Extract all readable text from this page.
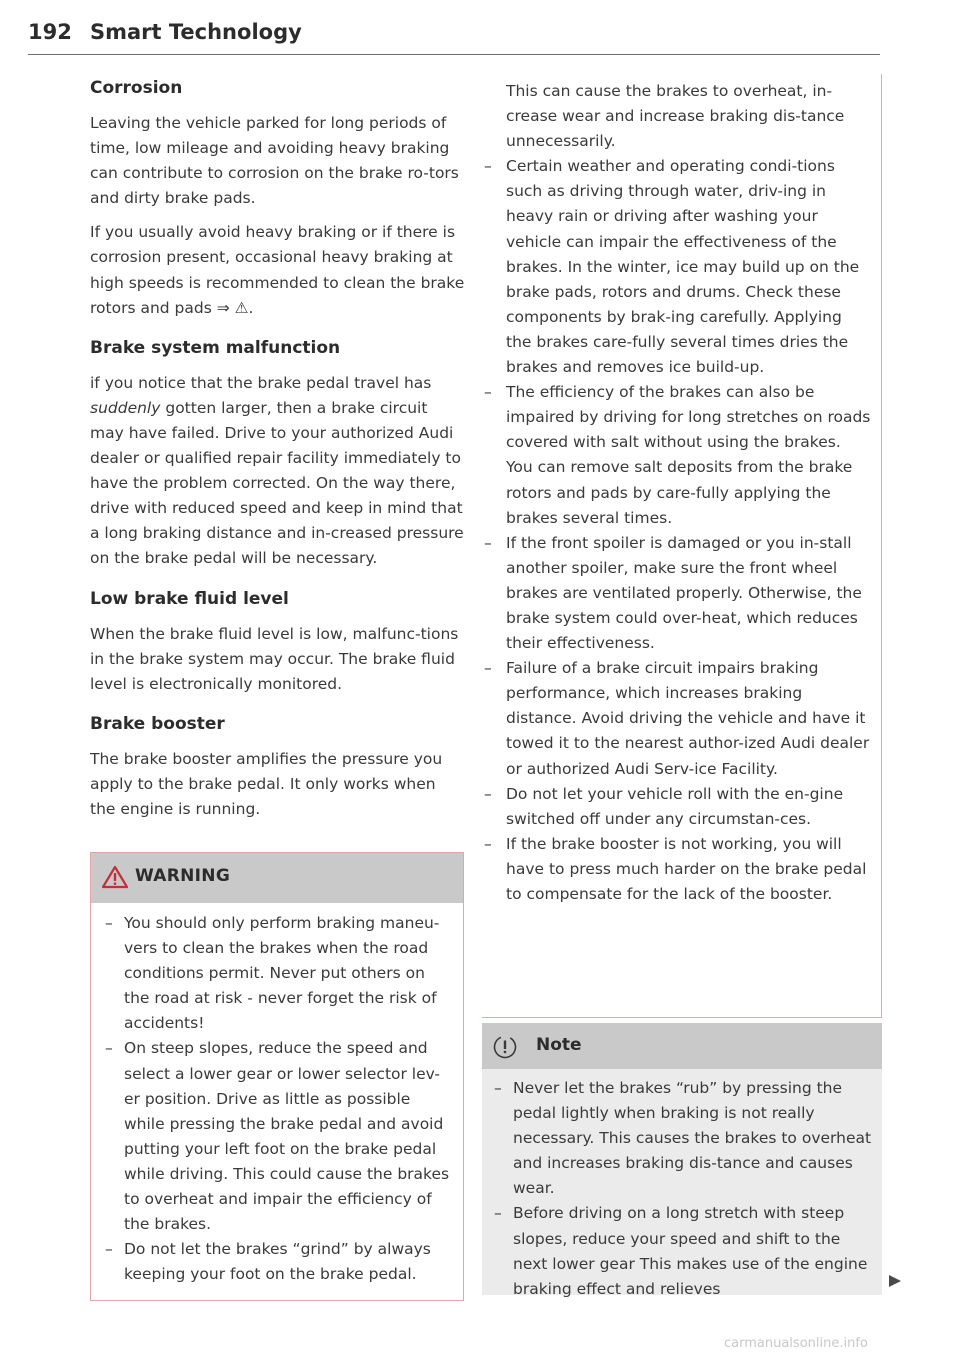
192 Smart Technology
Corrosion

Leaving the vehicle parked for long periods of time, low mileage and avoiding heavy braking can contribute to corrosion on the brake ro-tors and dirty brake pads.

If you usually avoid heavy braking or if there is corrosion present, occasional heavy braking at high speeds is recommended to clean the brake rotors and pads ⇒ ⚠.

Brake system malfunction

if you notice that the brake pedal travel has suddenly gotten larger, then a brake circuit may have failed. Drive to your authorized Audi dealer or qualified repair facility immediately to have the problem corrected. On the way there, drive with reduced speed and keep in mind that a long braking distance and in-creased pressure on the brake pedal will be necessary.

Low brake fluid level

When the brake fluid level is low, malfunc-tions in the brake system may occur. The brake fluid level is electronically monitored.

Brake booster

The brake booster amplifies the pressure you apply to the brake pedal. It only works when the engine is running.

WARNING
– You should only perform braking maneu-vers to clean the brakes when the road conditions permit. Never put others on the road at risk - never forget the risk of accidents!
– On steep slopes, reduce the speed and select a lower gear or lower selector lev-er position. Drive as little as possible while pressing the brake pedal and avoid putting your left foot on the brake pedal while driving. This could cause the brakes to overheat and impair the efficiency of the brakes.
– Do not let the brakes “grind” by always keeping your foot on the brake pedal.

This can cause the brakes to overheat, in-crease wear and increase braking dis-tance unnecessarily.

– Certain weather and operating condi-tions such as driving through water, driv-ing in heavy rain or driving after washing your vehicle can impair the effectiveness of the brakes. In the winter, ice may build up on the brake pads, rotors and drums. Check these components by brak-ing carefully. Applying the brakes care-fully several times dries the brakes and removes ice build-up.
– The efficiency of the brakes can also be impaired by driving for long stretches on roads covered with salt without using the brakes. You can remove salt deposits from the brake rotors and pads by care-fully applying the brakes several times.
– If the front spoiler is damaged or you in-stall another spoiler, make sure the front wheel brakes are ventilated properly. Otherwise, the brake system could over-heat, which reduces their effectiveness.
– Failure of a brake circuit impairs braking performance, which increases braking distance. Avoid driving the vehicle and have it towed it to the nearest author-ized Audi dealer or authorized Audi Serv-ice Facility.
– Do not let your vehicle roll with the en-gine switched off under any circumstan-ces.
– If the brake booster is not working, you will have to press much harder on the brake pedal to compensate for the lack of the booster.
Note
– Never let the brakes “rub” by pressing the pedal lightly when braking is not really necessary. This causes the brakes to overheat and increases braking dis-tance and causes wear.
– Before driving on a long stretch with steep slopes, reduce your speed and shift to the next lower gear This makes use of the engine braking effect and relieves
carmanualsonline.info
